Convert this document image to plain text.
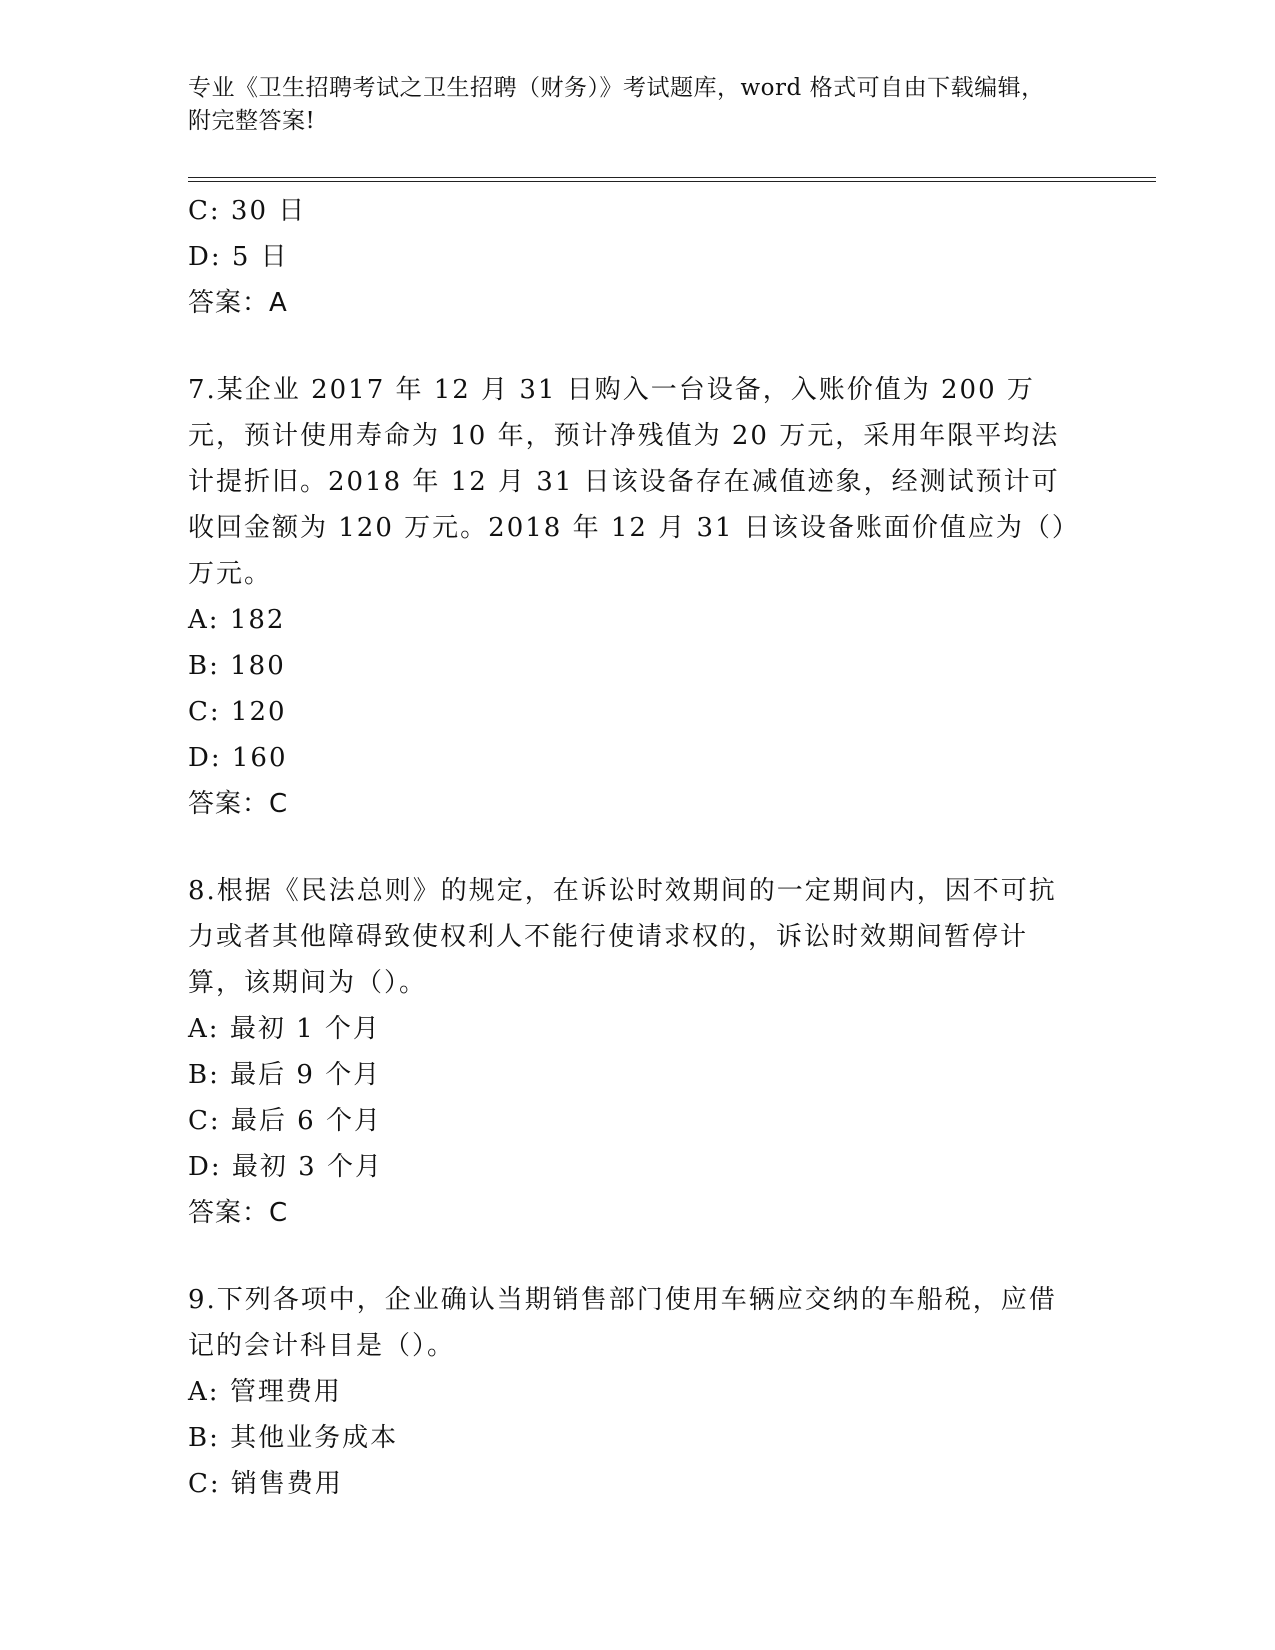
专业《卫生招聘考试之卫生招聘（财务）》考试题库，word 格式可自由下载编辑，附完整答案!
C: 30 日
D: 5 日
答案：A
7.某企业 2017 年 12 月 31 日购入一台设备，入账价值为 200 万元，预计使用寿命为 10 年，预计净残值为 20 万元，采用年限平均法计提折旧。2018 年 12 月 31 日该设备存在减值迹象，经测试预计可收回金额为 120 万元。2018 年 12 月 31 日该设备账面价值应为（）万元。
A: 182
B: 180
C: 120
D: 160
答案：C
8.根据《民法总则》的规定，在诉讼时效期间的一定期间内，因不可抗力或者其他障碍致使权利人不能行使请求权的，诉讼时效期间暂停计算，该期间为（）。
A: 最初 1 个月
B: 最后 9 个月
C: 最后 6 个月
D: 最初 3 个月
答案：C
9.下列各项中，企业确认当期销售部门使用车辆应交纳的车船税，应借记的会计科目是（）。
A: 管理费用
B: 其他业务成本
C: 销售费用
